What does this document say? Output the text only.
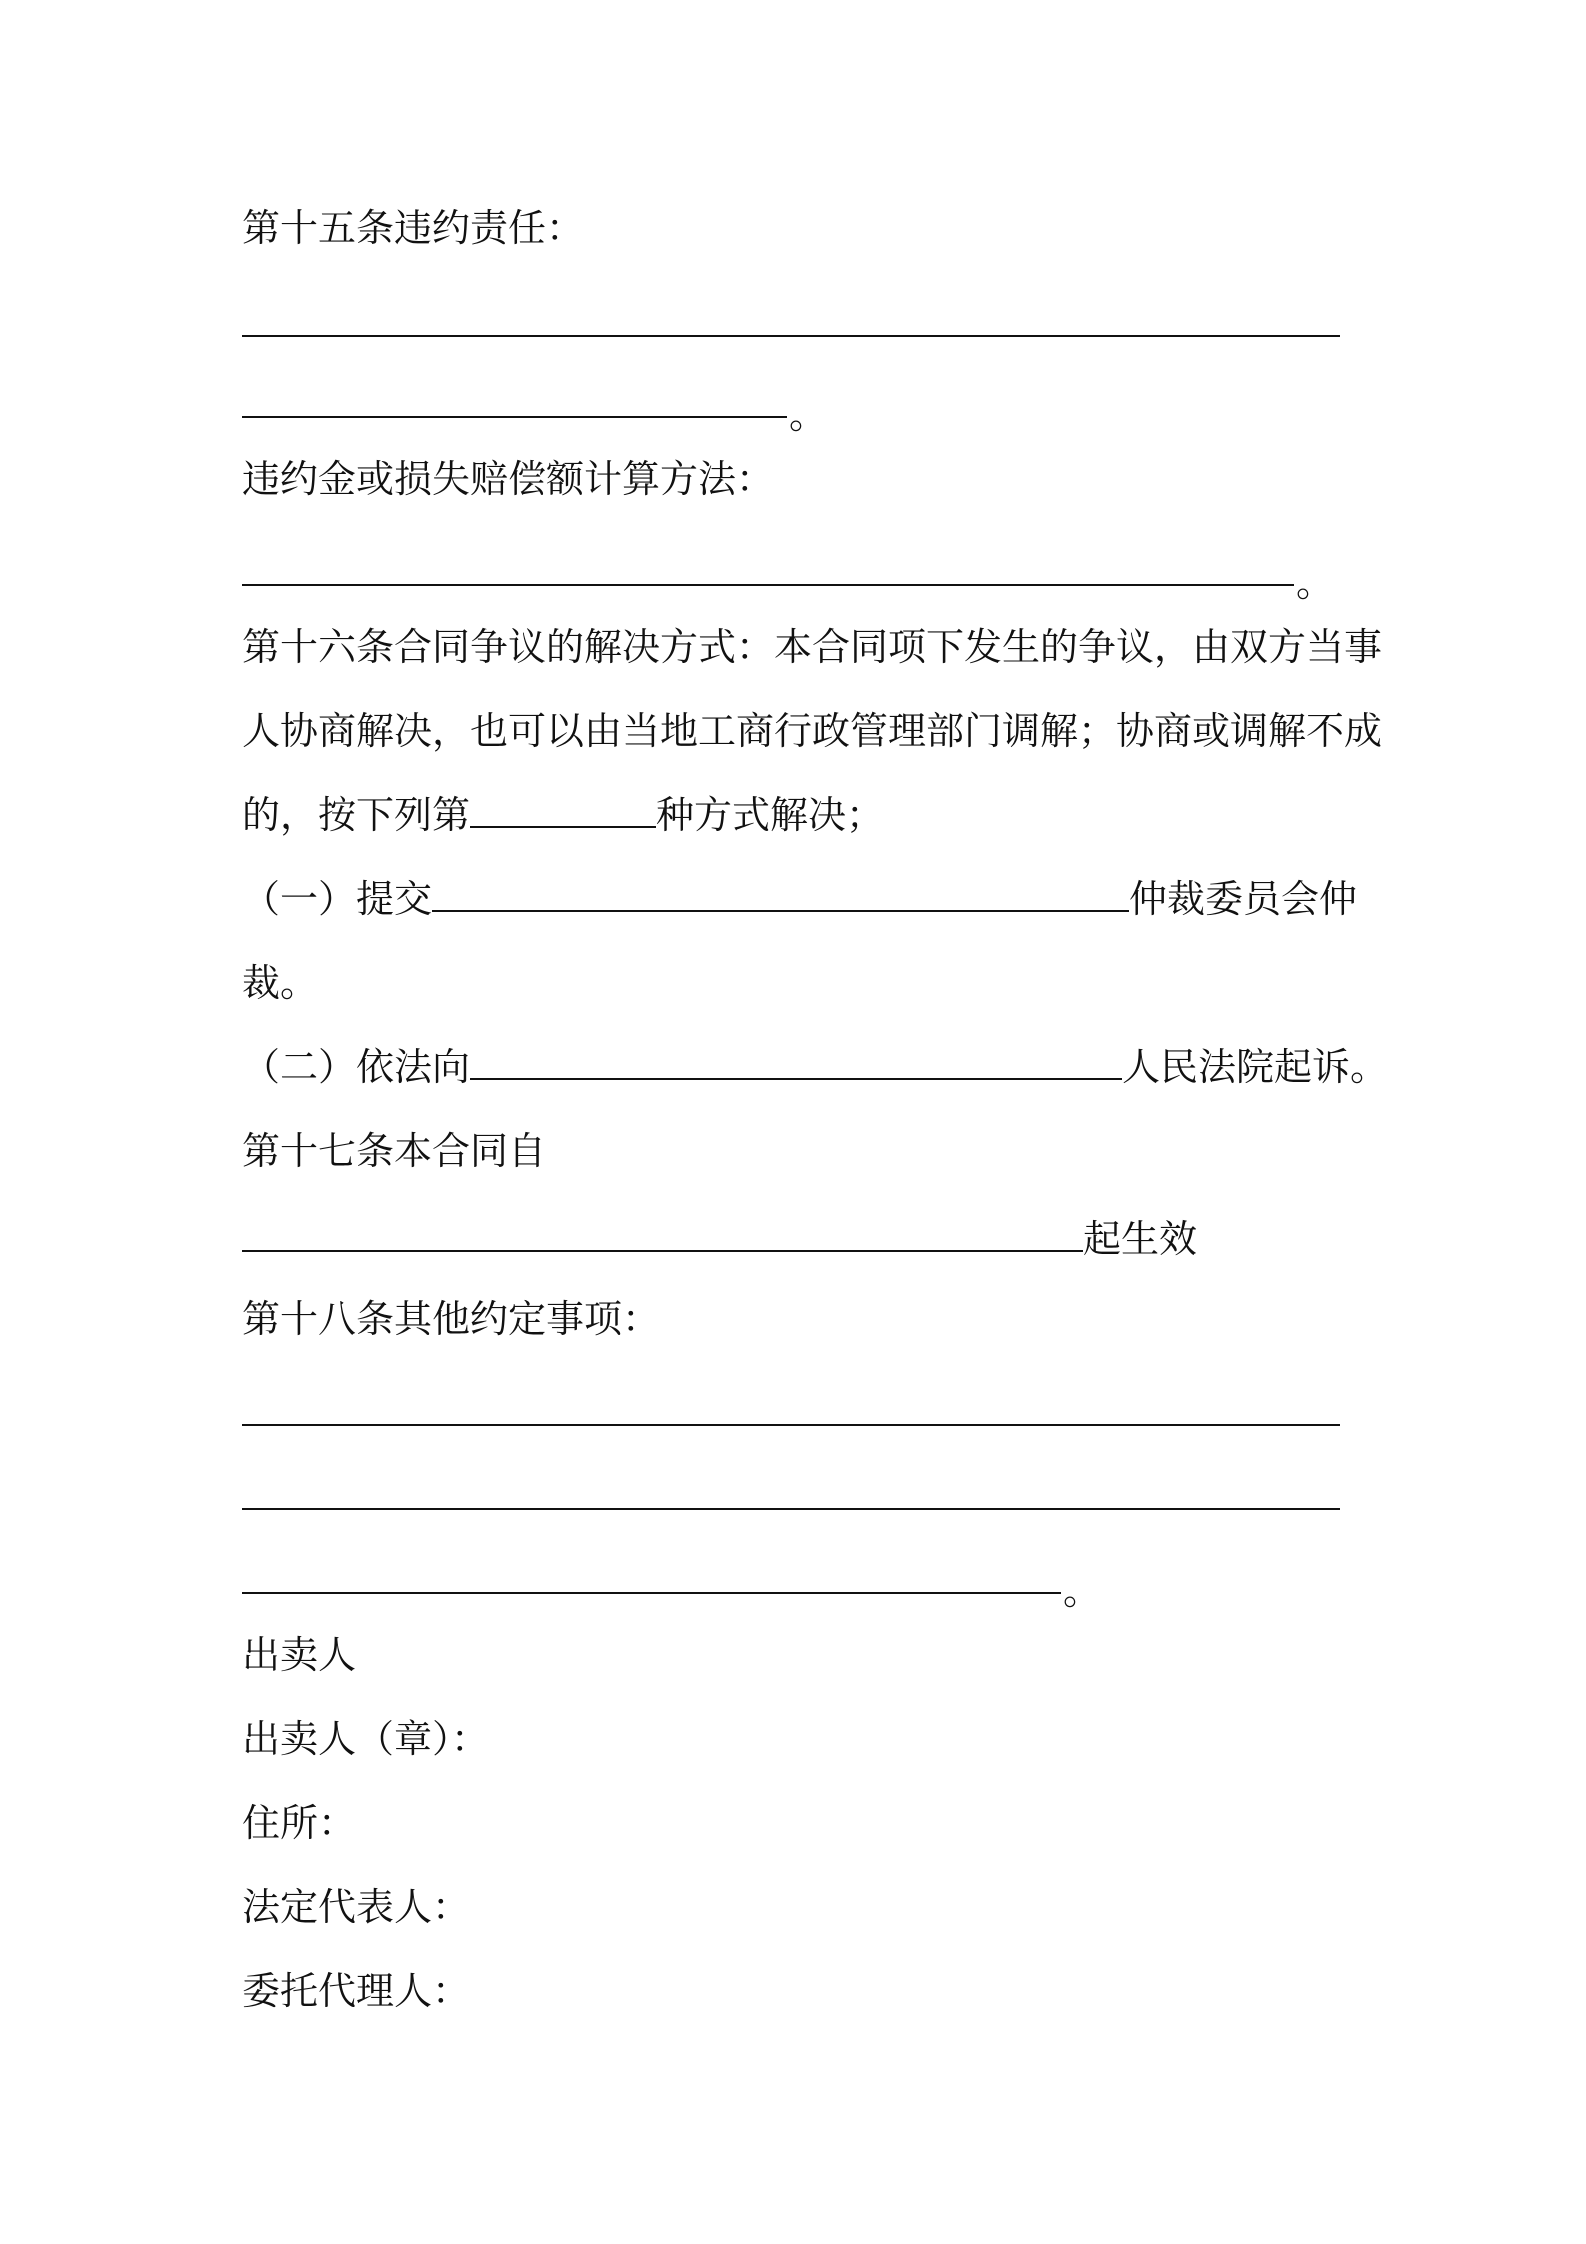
第十五条违约责任：
。
违约金或损失赔偿额计算方法：
。
第十六条合同争议的解决方式：本合同项下发生的争议，由双方当事
人协商解决，也可以由当地工商行政管理部门调解；协商或调解不成
的，按下列第	种方式解决；
（一）提交	仲裁委员会仲
裁。
（二）依法向	人民法院起诉。
第十七条本合同自
起生效
第十八条其他约定事项：
。
出卖人
出卖人（章）：
住所：
法定代表人：
委托代理人：
